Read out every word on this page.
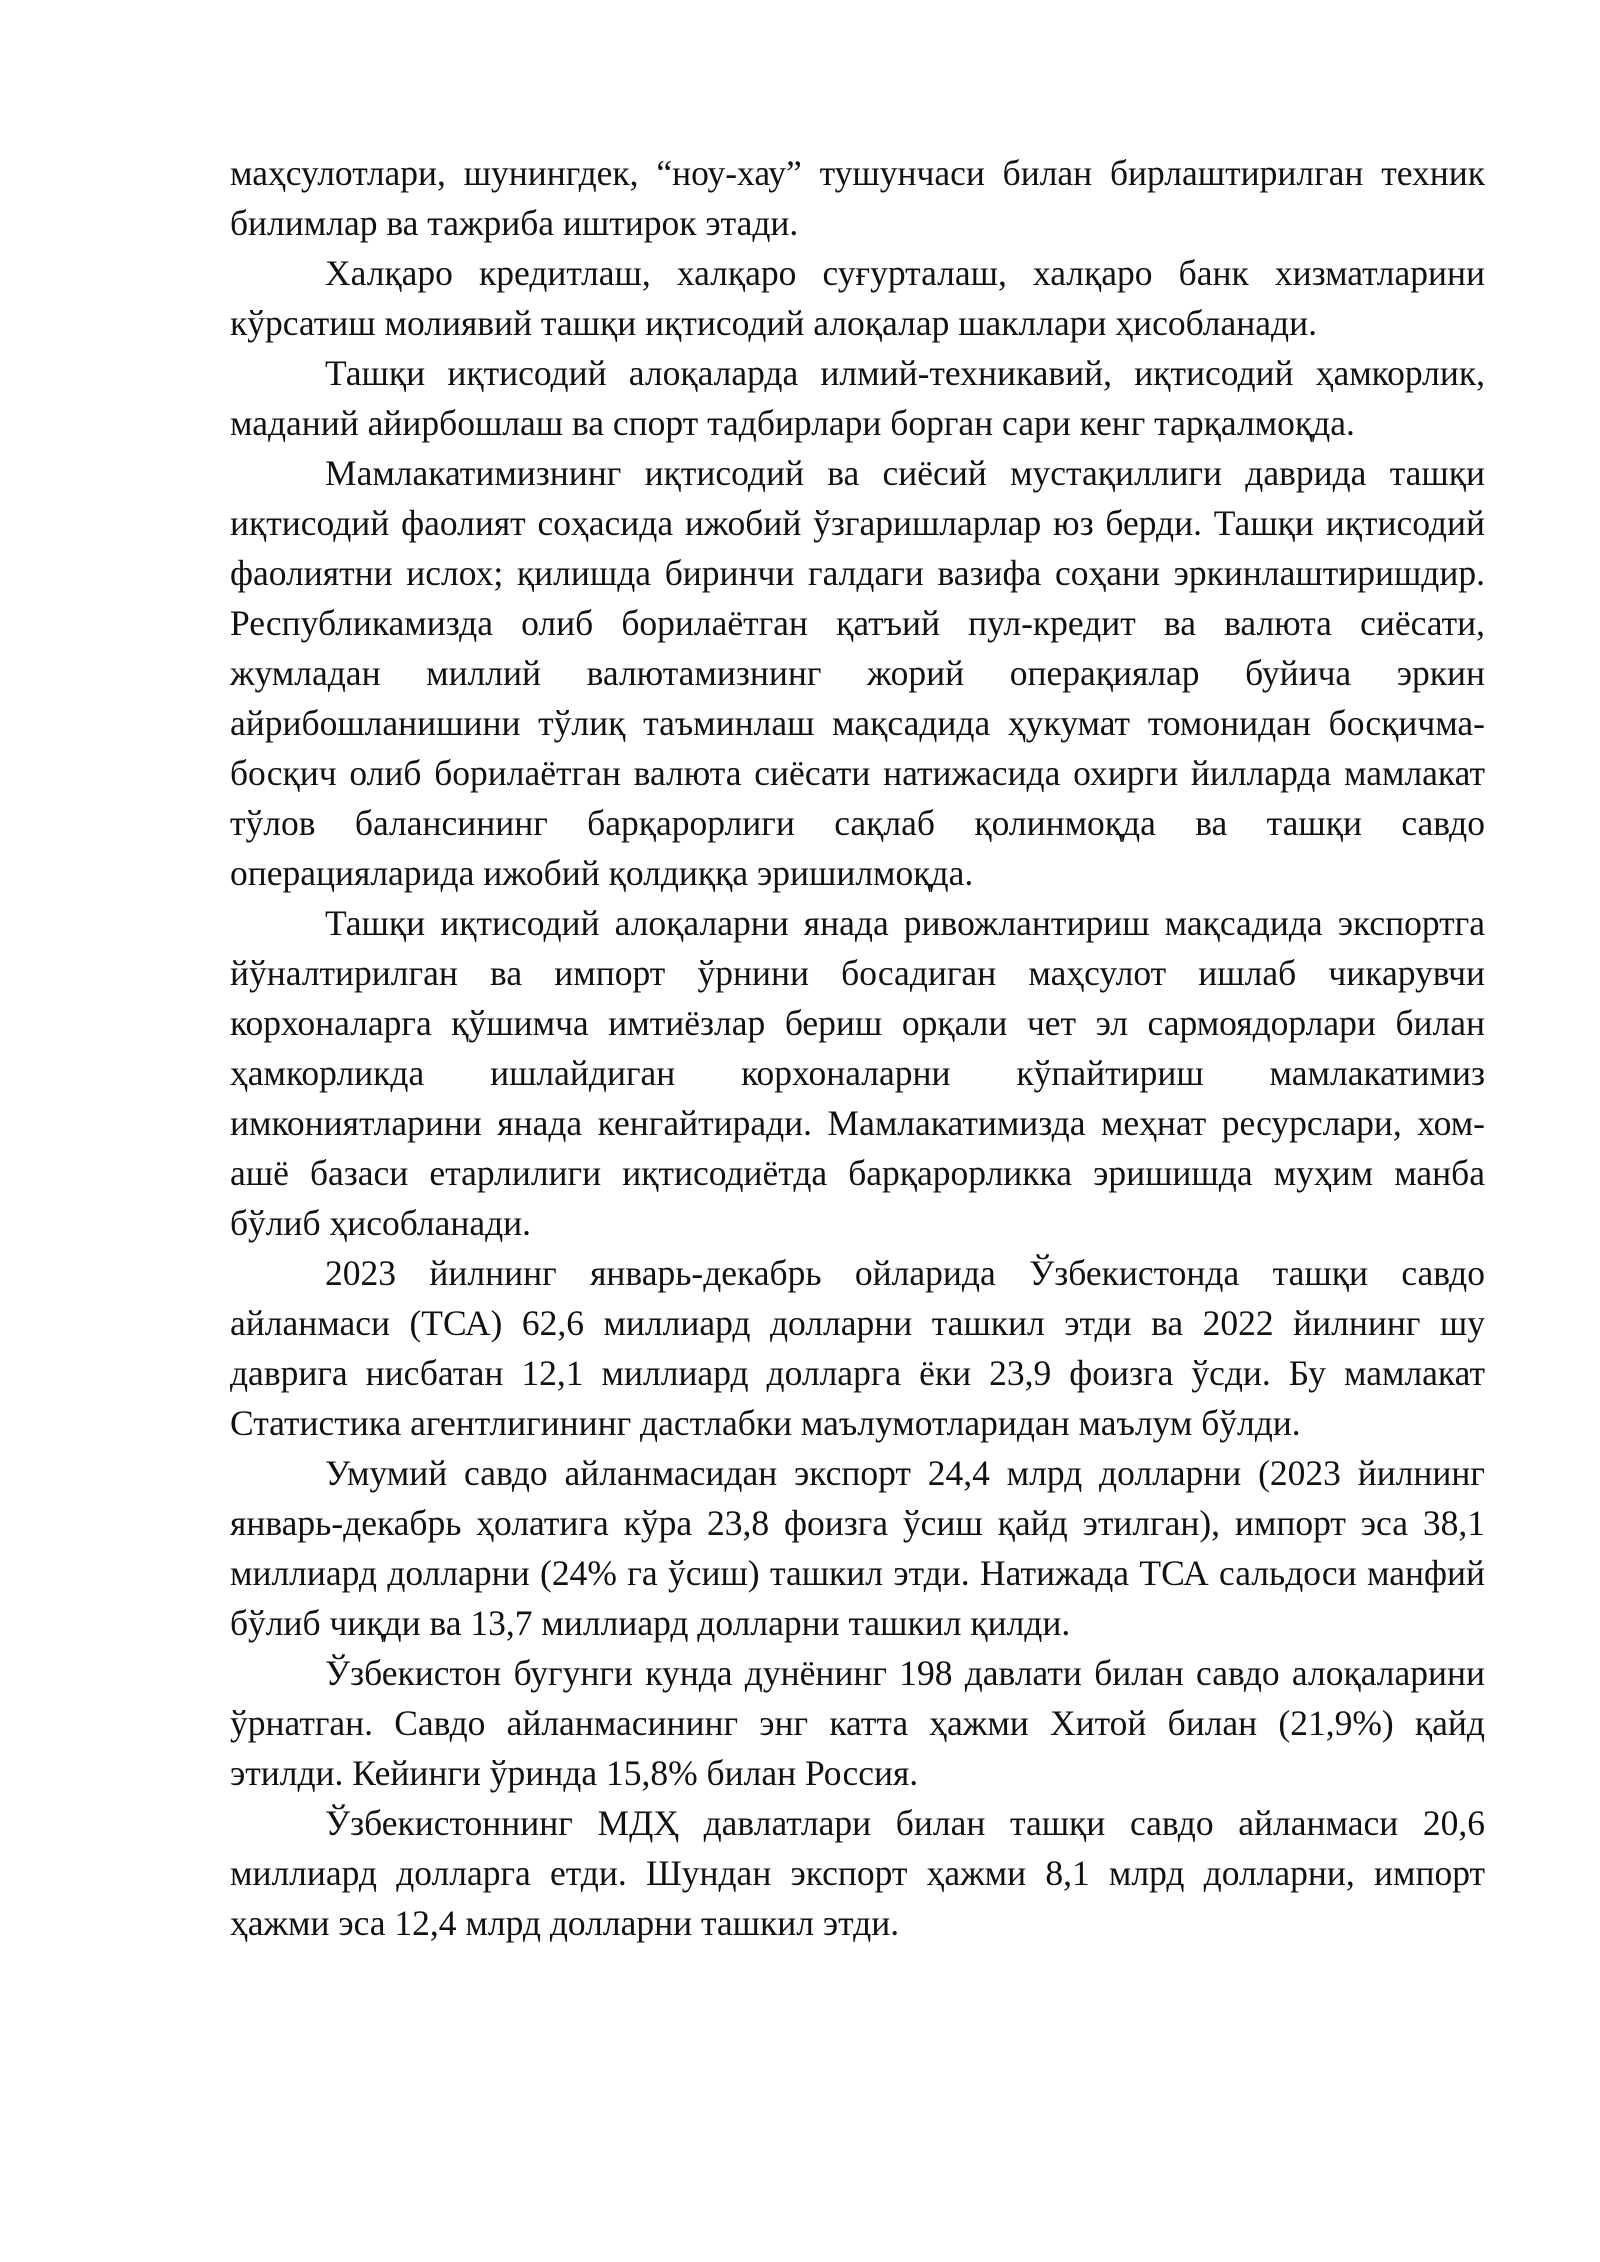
маҳсулотлари, шунингдек, “ноу-хау” тушунчаси билан бирлаштирилган техник билимлар ва тажриба иштирок этади.

Халқаро кредитлаш, халқаро суғурталаш, халқаро банк хизматларини кўрсатиш молиявий ташқи иқтисодий алоқалар шакллари ҳисобланади.

Ташқи иқтисодий алоқаларда илмий-техникавий, иқтисодий ҳамкорлик, маданий айирбошлаш ва спорт тадбирлари борган сари кенг тарқалмоқда.

Мамлакатимизнинг иқтисодий ва сиёсий мустақиллиги даврида ташқи иқтисодий фаолият соҳасида ижобий ўзгаришларлар юз берди. Ташқи иқтисодий фаолиятни ислох; қилишда биринчи галдаги вазифа соҳани эркинлаштиришдир. Республикамизда олиб борилаётган қатъий пул-кредит ва валюта сиёсати, жумладан миллий валютамизнинг жорий операқиялар буйича эркин айрибошланишини тўлиқ таъминлаш мақсадида ҳукумат томонидан босқичма-босқич олиб борилаётган валюта сиёсати натижасида охирги йилларда мамлакат тўлов балансининг барқарорлиги сақлаб қолинмоқда ва ташқи савдо операцияларида ижобий қолдиққа эришилмоқда.

Ташқи иқтисодий алоқаларни янада ривожлантириш мақсадида экспортга йўналтирилган ва импорт ўрнини босадиган маҳсулот ишлаб чикарувчи корхоналарга қўшимча имтиёзлар бериш орқали чет эл сармоядорлари билан ҳамкорликда ишлайдиган корхоналарни кўпайтириш мамлакатимиз имкониятларини янада кенгайтиради. Мамлакатимизда меҳнат ресурслари, хом-ашё базаси етарлилиги иқтисодиётда барқарорликка эришишда муҳим манба бўлиб ҳисобланади.

2023 йилнинг январь-декабрь ойларида Ўзбекистонда ташқи савдо айланмаси (ТСА) 62,6 миллиард долларни ташкил этди ва 2022 йилнинг шу даврига нисбатан 12,1 миллиард долларга ёки 23,9 фоизга ўсди. Бу мамлакат Статистика агентлигининг дастлабки маълумотларидан маълум бўлди.

Умумий савдо айланмасидан экспорт 24,4 млрд долларни (2023 йилнинг январь-декабрь ҳолатига кўра 23,8 фоизга ўсиш қайд этилган), импорт эса 38,1 миллиард долларни (24% га ўсиш) ташкил этди. Натижада ТСА сальдоси манфий бўлиб чиқди ва 13,7 миллиард долларни ташкил қилди.

Ўзбекистон бугунги кунда дунёнинг 198 давлати билан савдо алоқаларини ўрнатган. Савдо айланмасининг энг катта ҳажми Хитой билан (21,9%) қайд этилди. Кейинги ўринда 15,8% билан Россия.

Ўзбекистоннинг МДҲ давлатлари билан ташқи савдо айланмаси 20,6 миллиард долларга етди. Шундан экспорт ҳажми 8,1 млрд долларни, импорт ҳажми эса 12,4 млрд долларни ташкил этди.
